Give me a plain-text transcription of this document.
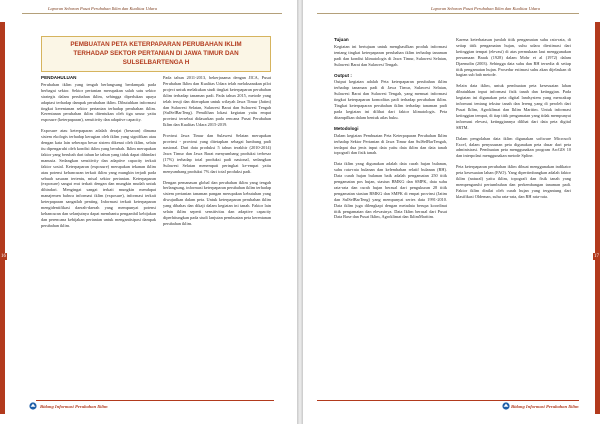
Laporan Sebaran Pusat Perubahan Iklim dan Kualitas Udara
16
PEMBUATAN PETA KETERPAPARAN PERUBAHAN IKLIM
TERHADAP SEKTOR PERTANIAN DI JAWA TIMUR DAN
SULSELBARTENGA H
PENDAHULUAN

Perubahan iklim yang tengah berlangsung berdampak pada berbagai sektor. Sektor pertanian merupakan salah satu sektor strategis dalam perubahan iklim, sehingga diperlukan upaya adaptasi terhadap dampak perubahan iklim. Dibutuhkan informasi tingkat kerentanan sektor pertanian terhadap perubahan iklim. Kerentanan perubahan iklim ditentukan oleh tiga unsur yaitu exposure (keterpaparan), sensitivity dan adaptive capacity.

Exposure atau keterpaparan adalah derajat (besaran) dimana sistem ekologis terhadap kerugian oleh iklim yang signifikan atau dengan kata lain seberapa besar sistem dikenai oleh iklim, selain itu dipengaruhi oleh kondisi iklim yang berubah. Iklim merupakan faktor yang berubah dari tahun ke tahun yang tidak dapat dihindari manusia. Sedangkan sensitivity dan adaptive capacity terkait faktor sosial. Keterpaparan (exposure) merupakan tekanan iklim atau potensi kehancuran terkait iklim yang mungkin terjadi pada sebuah sasaran tertentu, misal sektor pertanian. Keterpaparan (exposure) sangat erat terkait dengan dan mungkin mudah untuk dihindari. Mengingat sangat terkait mungkin mendapat manajemen bahwa informasi iklim (exposure), informasi terkait keterpaparan sangatlah penting. Informasi terkait keterpaparan mengidentifikasi daerah-daerah yang mempunyai potensi kehancuran dan selanjutnya dapat membantu pengambil kebijakan dan perencana kebijakan pertanian untuk mengantisipasi dampak perubahan iklim.

Pada tahun 2011-2013, bekerjasama dengan JICA, Pusat Perubahan Iklim dan Kualitas Udara telah melaksanakan pilot project untuk melakukan studi tingkat keterpaparan perubahan iklim terhadap tanaman padi. Pada tahun 2015, metode yang telah teruji dan diterapkan untuk wilayah Jawa Timur (Jatim) dan Sulawesi Selatan, Sulawesi Barat dan Sulawesi Tengah (SulSelBarTeng). Pemilihan lokasi kegiatan yaitu empat provinsi tersebut didasarkan pada rencana Pusat Perubahan Iklim dan Kualitas Udara 2015-2019.

Provinsi Jawa Timur dan Sulawesi Selatan merupakan provinsi - provinsi yang ditetapkan sebagai lumbung padi nasional. Dari data produksi 5 tahun terakhir (2010-2014) Jawa Timur dan Jawa Barat menyumbang produksi terbesar (17%) terhadap total produksi padi nasional, sedangkan Sulawesi Selatan menempati peringkat ke-empat yaitu menyumbang produksi 7% dari total produksi padi.

Dengan pemanasan global dan perubahan iklim yang tengah berlangsung, informasi keterpaparan perubahan iklim terhadap sistem pertanian tanaman pangan merupakan kebutuhan yang diwujudkan dalam peta. Untuk keterpaparan perubahan iklim yang dibahas dan dikaji dalam kegiatan ini tanah. Faktor lain selain iklim seperti sensitivitas dan adaptive capacity diperhitungkan pada studi lanjutan pembuatan peta kerentanan perubahan iklim.

Bidang Informasi Perubahan Iklim
Laporan Sebaran Pusat Perubahan Iklim dan Kualitas Udara
17
Tujuan

Kegiatan ini bertujuan untuk menghasilkan produk informasi tentang tingkat keterpaparan perubahan iklim terhadap tanaman padi dan kondisi klimatologis di Jawa Timur, Sulawesi Selatan, Sulawesi Barat dan Sulawesi Tengah.

Output :

Output kegiatan adalah Peta keterpaparan perubahan iklim terhadap tanaman padi di Jawa Timur, Sulawesi Selatan, Sulawesi Barat dan Sulawesi Tengah, yang memuat informasi tingkat keterpaparan komoditas padi terhadap perubahan iklim. Tingkat keterpaparan perubahan iklim terhadap tanaman padi pada kegiatan ini dilihat dari faktor klimatologis. Peta ditampilkan dalam bentuk atlas buku.

Metodologi

Dalam kegiatan Pembuatan Peta Keterpaparan Perubahan Iklim terhadap Sektor Pertanian di Jawa Timur dan SulSelBarTengah, terdapat dua jenis input data yaitu data iklim dan data tanah topografi dan fisik tanah.

Data iklim yang digunakan adalah data curah hujan bulanan, suhu rata-rata bulanan dan kelembaban relatif bulanan (RH). Data curah hujan bulanan baik adalah pengamatan 250 titik pengamatan pos hujan, stasiun BMKG dan SMPK, data suhu rata-rata dan curah hujan berasal dari pengukuran 28 titik pengamatan stasiun BMKG dan SMPK di empat provinsi (Jatim dan SulSelBarTeng) yang mempunyai series data 1991-2010. Data iklim juga dilengkapi dengan metadata berupa koordinat titik pengamatan dan elevasinya. Data Iklim berasal dari Pusat Data Base dan Pusat Iklim, Agroklimat dan IklimMaritim.

Karena keterbatasan jumlah titik pengamatan suhu rata-rata, di setiap titik pengamatan hujan, suhu udara diestimasi dari ketinggian tempat (elevasi) di atas permukaan laut menggunakan persamaan Braak (1928) dalam Mohr et al (1972) dalam Djaenudin (2003). Sehingga data suhu dan RH tersedia di setiap titik pengamatan hujan. Prosedur estimasi suhu akan dijelaskan di bagian sub bab metode.

Selain data iklim, untuk pembuatan peta kesesuaian lahan dibutuhkan input informasi fisik tanah dan ketinggian. Pada kegiatan ini digunakan peta digital landsystem yang mencakup informasi tentang tekstur tanah dan lereng yang di peroleh dari Pusat Iklim, Agroklimat dan Iklim Maritim. Untuk informasi ketinggian tempat, di tiap titik pengamatan yang tidak mempunyai informasi elevasi, ketinggiannya dilihat dari data peta digital SRTM.

Dalam pengolahan data iklim digunakan software Microsoft Excel, dalam penyusunan peta digunakan peta dasar dari peta administrasi. Pembuatan peta menggunakan program ArcGIS 10 dan interpolasi menggunakan metode Spline.

Peta keterpaparan perubahan iklim dibuat menggunakan indikator peta kesesuaian lahan (FAO). Yang dipertimbangkan adalah faktor iklim (natural) yaitu iklim, topografi dan fisik tanah yang mempengaruhi pertumbuhan dan perkembangan tanaman padi. Faktor iklim dinilai oleh curah hujan yang tergantung dari klasifikasi Oldeman, suhu rata-rata, dan RH rata-rata.

Bidang Informasi Perubahan Iklim
